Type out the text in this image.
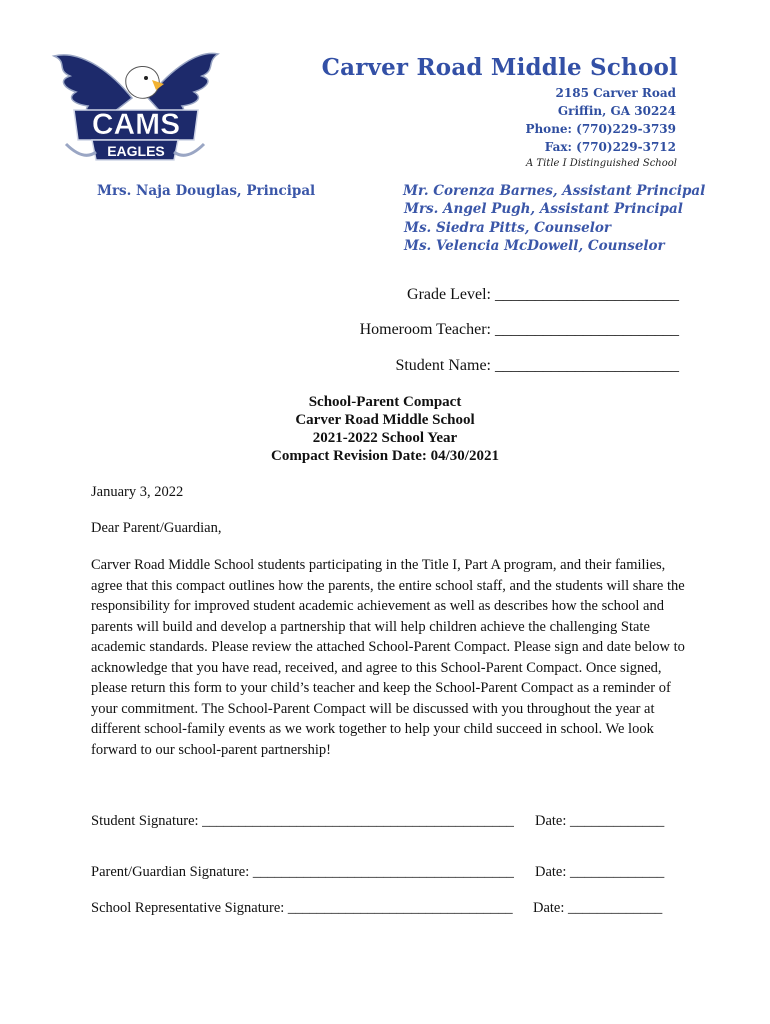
CAMS
EAGLES
Carver Road Middle School
2185 Carver Road
Griffin, GA 30224
Phone: (770)229-3739
Fax: (770)229-3712
A Title I Distinguished School
Mrs. Naja Douglas, Principal	Mr. Corenza Barnes, Assistant Principal
Mrs. Angel Pugh, Assistant Principal
Ms. Siedra Pitts, Counselor
Ms. Velencia McDowell, Counselor
Grade Level: _______________________
Homeroom Teacher: _______________________
Student Name: _______________________
School-Parent Compact
Carver Road Middle School
2021-2022 School Year
Compact Revision Date: 04/30/2021
January 3, 2022
Dear Parent/Guardian,
Carver Road Middle School students participating in the Title I, Part A program, and their families, agree that this compact outlines how the parents, the entire school staff, and the students will share the responsibility for improved student academic achievement as well as describes how the school and parents will build and develop a partnership that will help children achieve the challenging State academic standards. Please review the attached School-Parent Compact. Please sign and date below to acknowledge that you have read, received, and agree to this School-Parent Compact. Once signed, please return this form to your child’s teacher and keep the School-Parent Compact as a reminder of your commitment. The School-Parent Compact will be discussed with you throughout the year at different school-family events as we work together to help your child succeed in school. We look forward to our school-parent partnership!
Student Signature: ___________________________________________ Date: _____________
Parent/Guardian Signature: ____________________________________ Date: _____________
School Representative Signature: _______________________________ Date: _____________
